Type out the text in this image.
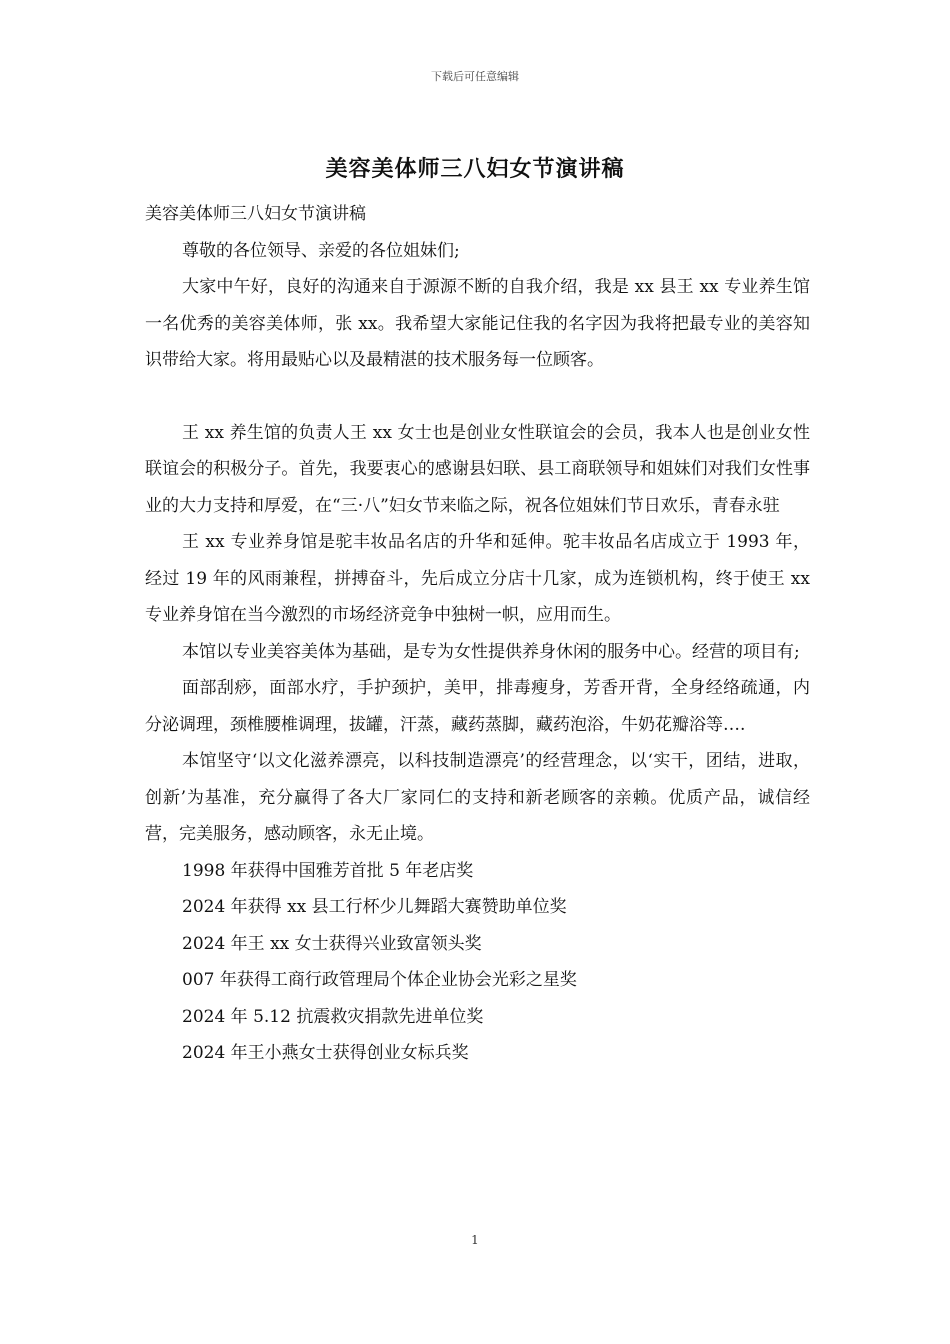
下载后可任意编辑
美容美体师三八妇女节演讲稿

美容美体师三八妇女节演讲稿

尊敬的各位领导、亲爱的各位姐妹们;

大家中午好，良好的沟通来自于源源不断的自我介绍，我是 xx 县王 xx 专业养生馆一名优秀的美容美体师，张 xx。我希望大家能记住我的名字因为我将把最专业的美容知识带给大家。将用最贴心以及最精湛的技术服务每一位顾客。

王 xx 养生馆的负责人王 xx 女士也是创业女性联谊会的会员，我本人也是创业女性联谊会的积极分子。首先，我要衷心的感谢县妇联、县工商联领导和姐妹们对我们女性事业的大力支持和厚爱，在“三·八”妇女节来临之际，祝各位姐妹们节日欢乐，青春永驻

王 xx 专业养身馆是驼丰妆品名店的升华和延伸。驼丰妆品名店成立于 1993 年，经过 19 年的风雨兼程，拼搏奋斗，先后成立分店十几家，成为连锁机构，终于使王 xx 专业养身馆在当今激烈的市场经济竞争中独树一帜，应用而生。

本馆以专业美容美体为基础，是专为女性提供养身休闲的服务中心。经营的项目有;

面部刮痧，面部水疗，手护颈护，美甲，排毒瘦身，芳香开背，全身经络疏通，内分泌调理，颈椎腰椎调理，拔罐，汗蒸，藏药蒸脚，藏药泡浴，牛奶花瓣浴等….

本馆坚守‘以文化滋养漂亮，以科技制造漂亮’的经营理念，以‘实干，团结，进取，创新’为基准，充分赢得了各大厂家同仁的支持和新老顾客的亲赖。优质产品，诚信经营，完美服务，感动顾客，永无止境。

1998 年获得中国雅芳首批 5 年老店奖

2024 年获得 xx 县工行杯少儿舞蹈大赛赞助单位奖

2024 年王 xx 女士获得兴业致富领头奖

007 年获得工商行政管理局个体企业协会光彩之星奖

2024 年 5.12 抗震救灾捐款先进单位奖

2024 年王小燕女士获得创业女标兵奖

1
